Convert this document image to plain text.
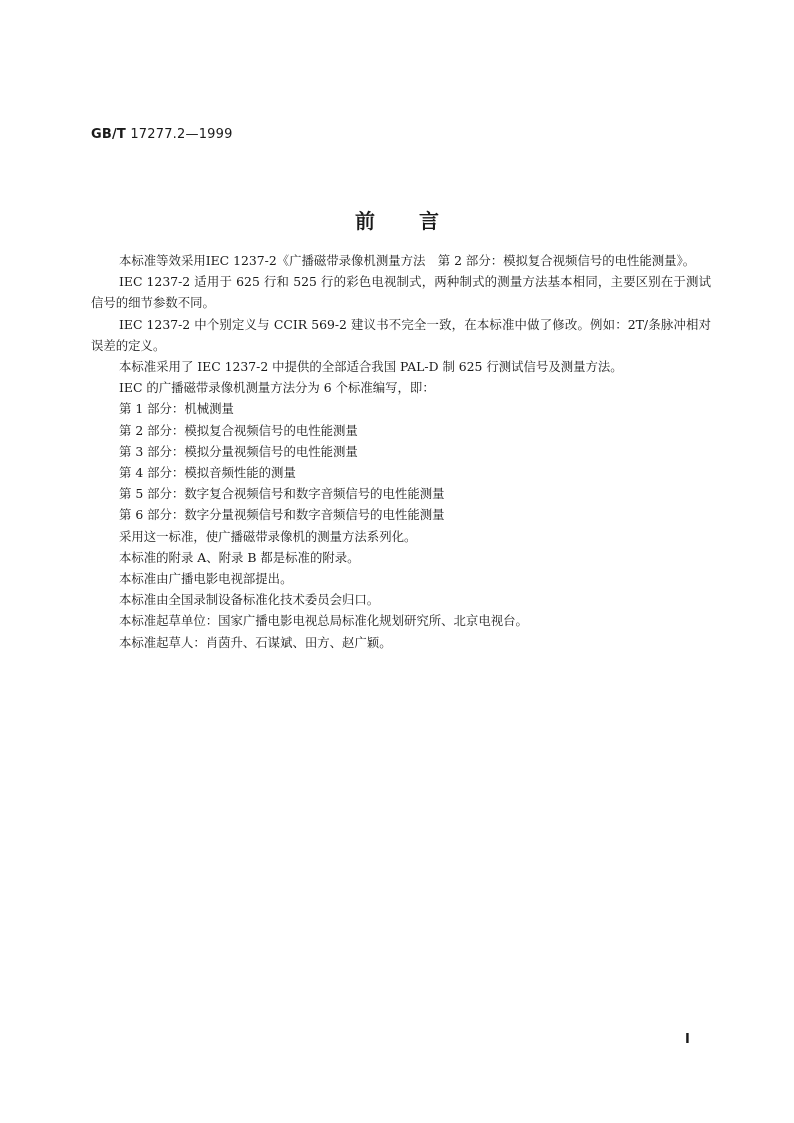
GB/T 17277.2—1999
前言

本标准等效采用IEC 1237-2《广播磁带录像机测量方法　第 2 部分：模拟复合视频信号的电性能测量》。

IEC 1237-2 适用于 625 行和 525 行的彩色电视制式，两种制式的测量方法基本相同，主要区别在于测试信号的细节参数不同。

IEC 1237-2 中个别定义与 CCIR 569-2 建议书不完全一致，在本标准中做了修改。例如：2T/条脉冲相对误差的定义。

本标准采用了 IEC 1237-2 中提供的全部适合我国 PAL-D 制 625 行测试信号及测量方法。

IEC 的广播磁带录像机测量方法分为 6 个标准编写，即：

第 1 部分：机械测量

第 2 部分：模拟复合视频信号的电性能测量

第 3 部分：模拟分量视频信号的电性能测量

第 4 部分：模拟音频性能的测量

第 5 部分：数字复合视频信号和数字音频信号的电性能测量

第 6 部分：数字分量视频信号和数字音频信号的电性能测量

采用这一标准，使广播磁带录像机的测量方法系列化。

本标准的附录 A、附录 B 都是标准的附录。

本标准由广播电影电视部提出。

本标准由全国录制设备标准化技术委员会归口。

本标准起草单位：国家广播电影电视总局标准化规划研究所、北京电视台。

本标准起草人：肖茵升、石谋斌、田方、赵广颖。

I
